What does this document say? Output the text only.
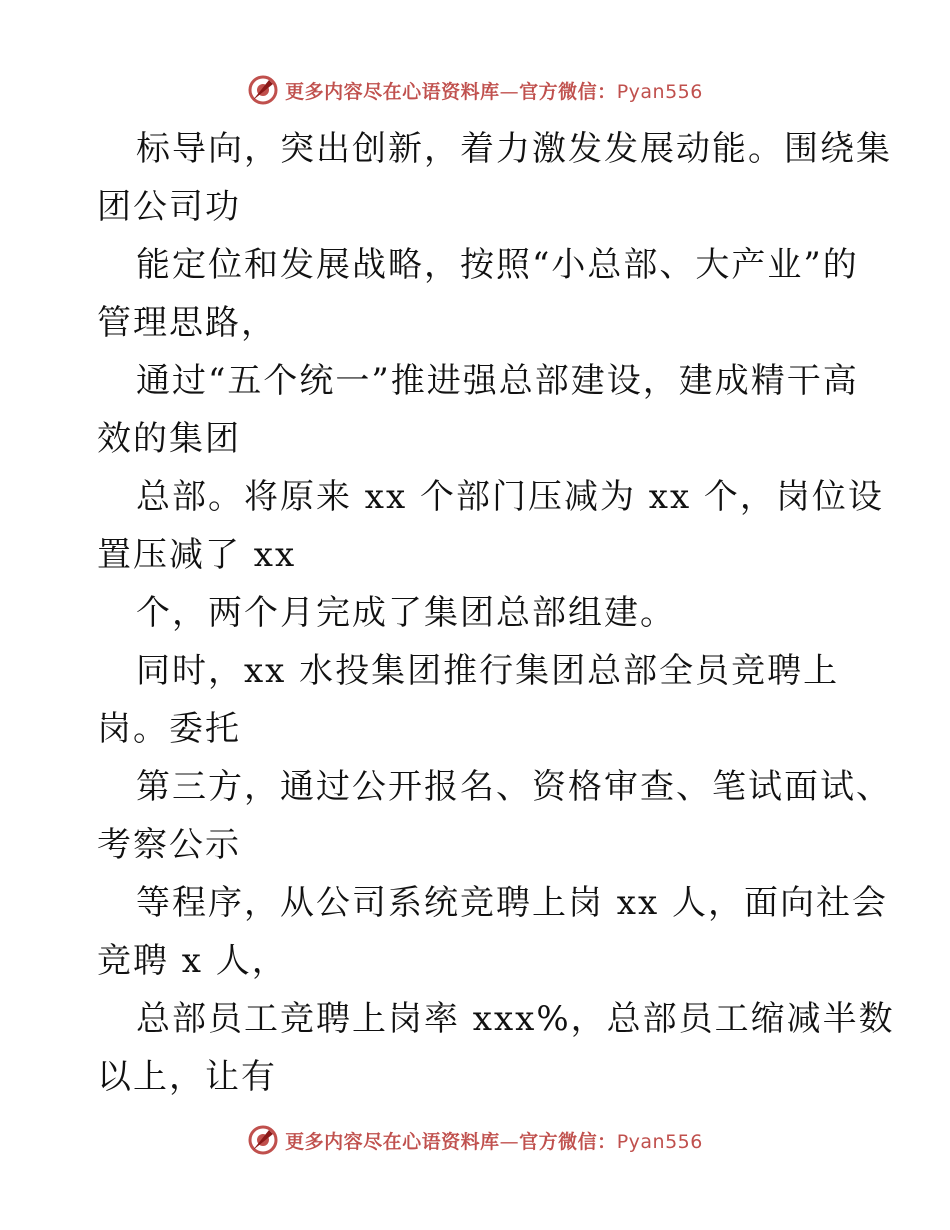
更多内容尽在心语资料库—官方微信：Pyan556
标导向，突出创新，着力激发发展动能。围绕集
团公司功
能定位和发展战略，按照“小总部、大产业”的
管理思路，
通过“五个统一”推进强总部建设，建成精干高
效的集团
总部。将原来 xx 个部门压减为 xx 个，岗位设
置压减了 xx
个，两个月完成了集团总部组建。
同时，xx 水投集团推行集团总部全员竞聘上
岗。委托
第三方，通过公开报名、资格审查、笔试面试、
考察公示
等程序，从公司系统竞聘上岗 xx 人，面向社会
竞聘 x 人，
总部员工竞聘上岗率 xxx%，总部员工缩减半数
以上，让有
更多内容尽在心语资料库—官方微信：Pyan556
